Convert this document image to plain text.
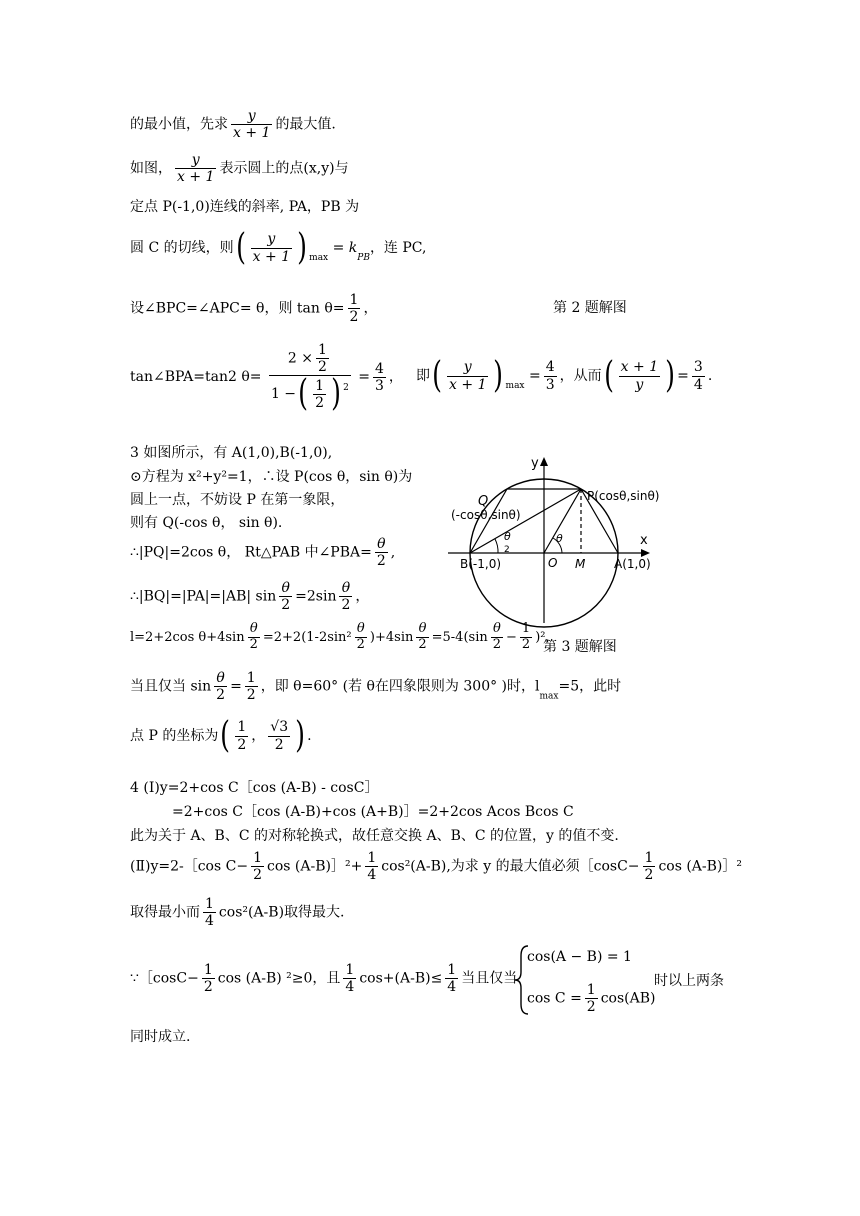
的最小值，先求 $\frac{y}{x + 1}$ 的最大值.
如图， $\frac{y}{x + 1}$ 表示圆上的点(x,y)与
定点 P(-1,0)连线的斜率, PA，PB 为
圆 C 的切线，则( $\frac{y}{x + 1}$ ) $_{max} = k_{PB}$，连 PC,
设∠BPC=∠APC= θ，则 $\tan \theta= \frac{1}{2}$ ，	第 2 题解图
tan∠BPA=tan2 $\theta= \frac{2 \times \frac{1}{2}}{1 -( \frac{1}{2} ) ^2} = \frac{4}{3}$ ， 即( $\frac{y}{x + 1}$ ) $_{max} = \frac{4}{3}$ ，从而( $\frac{x + 1}{y}$ ) = $\frac{3}{4}$ .
3 如图所示，有 A(1,0),B(-1,0),
⊙方程为 x²+y²=1，∴设 P(cos θ，sin θ)为
圆上一点，不妨设 P 在第一象限，
则有 Q(-cos θ， sin θ).
∴|PQ|=2cos θ， Rt△PAB 中∠PBA= $\frac{\theta}{2}$ ,
∴|BQ|=|PA|=|AB| $\sin \frac{\theta}{2} =2\sin \frac{\theta}{2}$ ，
l=2+2cos $\theta+4\sin \frac{\theta}{2} =2+2(1-2\sin^2 \frac{\theta}{2} )+4\sin \frac{\theta}{2} =5-4(\sin \frac{\theta}{2} - \frac{1}{2} )^2$,
第 3 题解图
当且仅当 $\sin \frac{\theta}{2} = \frac{1}{2}$ ，即 θ=60° (若 θ在四象限则为 300° )时，$l_{max}=5$，此时
点 P 的坐标为( $\frac{1}{2}$ ， $\frac{√3}{2}$ ) .
y
x
P(cosθ,sinθ)
Q
(-cosθ,sinθ)
θ
2
θ
B(-1,0)	O M A(1,0)
4 (Ⅰ)y=2+cos C［cos (A-B) - cosC］
=2+cos C［cos (A-B)+cos (A+B)］=2+2cos Acos Bcos C
此为关于 A、B、C 的对称轮换式，故任意交换 A、B、C 的位置，y 的值不变.
(Ⅱ)y=2-［cos $C- \frac{1}{2}$ cos (A-B)］²+ $\frac{1}{4} \cos^2(A-B)$,为求 y 的最大值必须［cosC− $\frac{1}{2}$ cos (A-B)］²
取得最小而 $\frac{1}{4} \cos^2(A-B)$取得最大.
∵［cosC− $\frac{1}{2}$ cos (A-B) ²≥0，且 $\frac{1}{4} \cos+(A-B)\le \frac{1}{4}$ 当且仅当
cos(A − B) = 1
$\cos C = \frac{1}{2} \cos(AB)$
时以上两条
同时成立.
